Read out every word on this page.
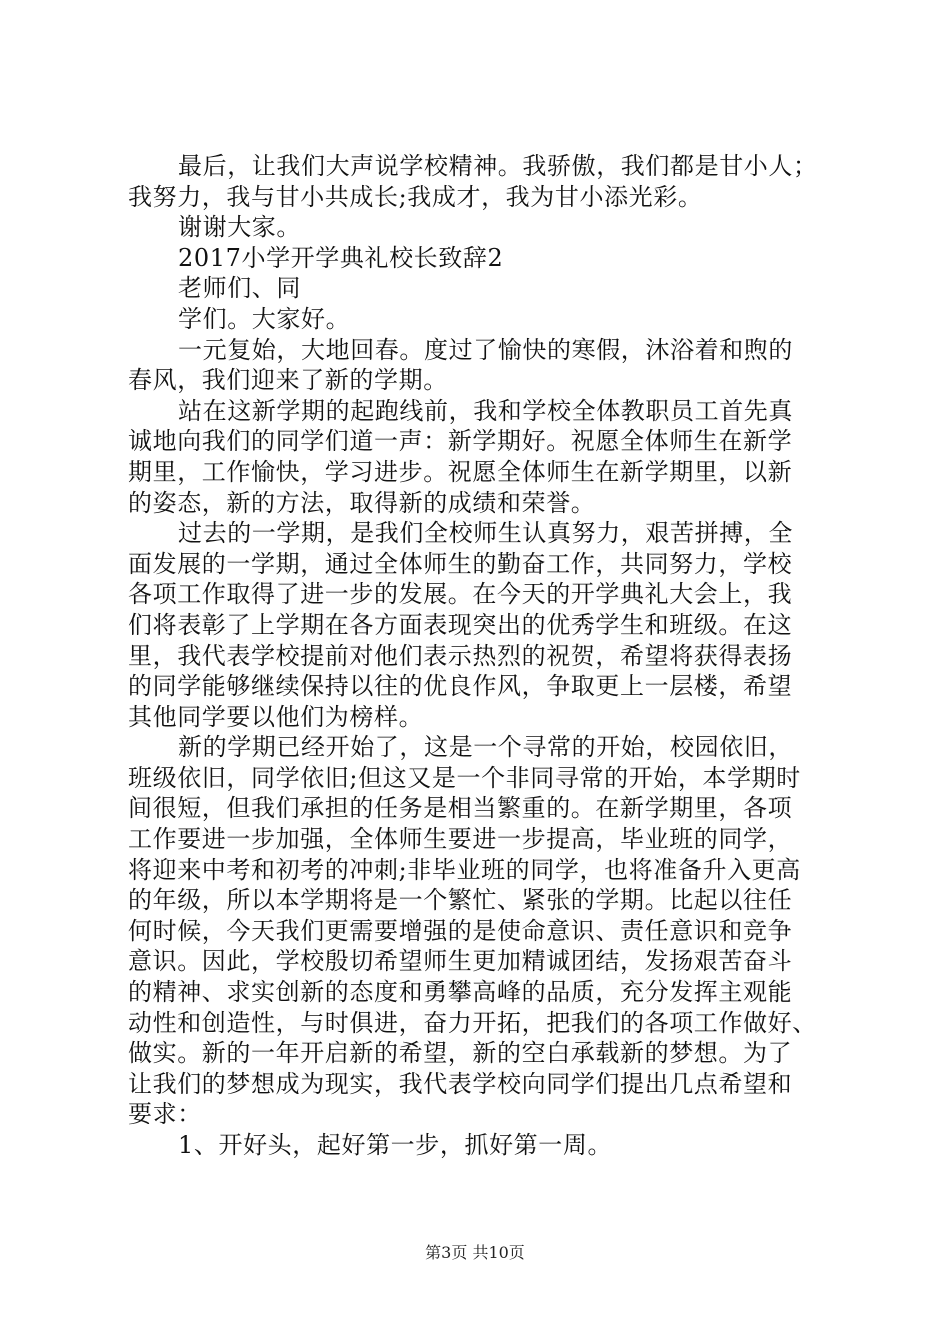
最后，让我们大声说学校精神。我骄傲，我们都是甘小人；
我努力，我与甘小共成长;我成才，我为甘小添光彩。
谢谢大家。
2017小学开学典礼校长致辞2
老师们、同
学们。大家好。
一元复始，大地回春。度过了愉快的寒假，沐浴着和煦的
春风，我们迎来了新的学期。
站在这新学期的起跑线前，我和学校全体教职员工首先真
诚地向我们的同学们道一声：新学期好。祝愿全体师生在新学
期里，工作愉快，学习进步。祝愿全体师生在新学期里，以新
的姿态，新的方法，取得新的成绩和荣誉。
过去的一学期，是我们全校师生认真努力，艰苦拼搏，全
面发展的一学期，通过全体师生的勤奋工作，共同努力，学校
各项工作取得了进一步的发展。在今天的开学典礼大会上，我
们将表彰了上学期在各方面表现突出的优秀学生和班级。在这
里，我代表学校提前对他们表示热烈的祝贺，希望将获得表扬
的同学能够继续保持以往的优良作风，争取更上一层楼，希望
其他同学要以他们为榜样。
新的学期已经开始了，这是一个寻常的开始，校园依旧，
班级依旧，同学依旧;但这又是一个非同寻常的开始，本学期时
间很短，但我们承担的任务是相当繁重的。在新学期里，各项
工作要进一步加强，全体师生要进一步提高，毕业班的同学，
将迎来中考和初考的冲刺;非毕业班的同学，也将准备升入更高
的年级，所以本学期将是一个繁忙、紧张的学期。比起以往任
何时候，今天我们更需要增强的是使命意识、责任意识和竞争
意识。因此，学校殷切希望师生更加精诚团结，发扬艰苦奋斗
的精神、求实创新的态度和勇攀高峰的品质，充分发挥主观能
动性和创造性，与时俱进，奋力开拓，把我们的各项工作做好、
做实。新的一年开启新的希望，新的空白承载新的梦想。为了
让我们的梦想成为现实，我代表学校向同学们提出几点希望和
要求：
1、开好头，起好第一步，抓好第一周。
第3页 共10页
